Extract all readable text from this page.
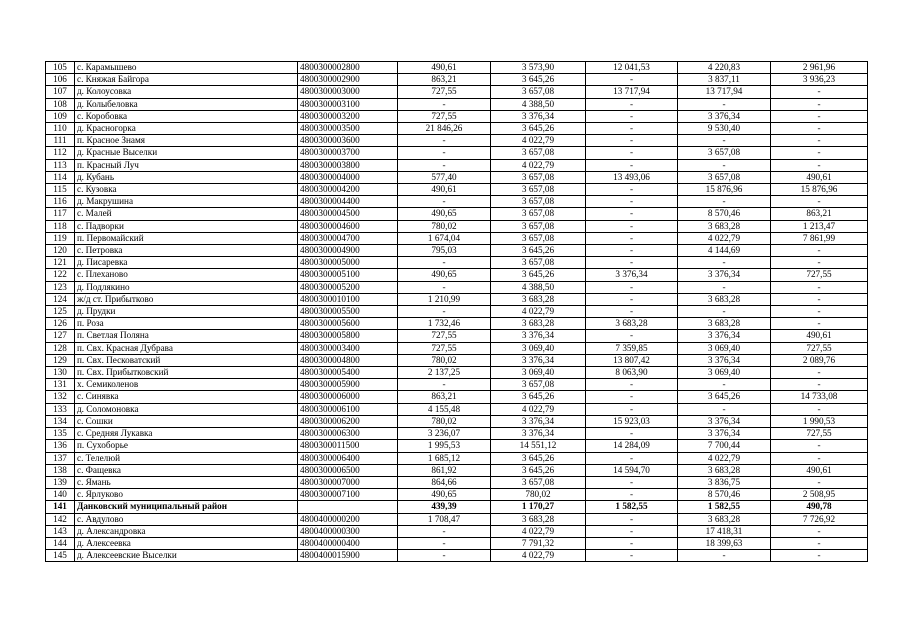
105	с. Карамышево	4800300002800	490,61	3 573,90	12 041,53	4 220,83	2 961,96
106	с. Княжая Байгора	4800300002900	863,21	3 645,26	-	3 837,11	3 936,23
107	д. Колоусовка	4800300003000	727,55	3 657,08	13 717,94	13 717,94	-
108	д. Колыбеловка	4800300003100	-	4 388,50	-	-	-
109	с. Коробовка	4800300003200	727,55	3 376,34	-	3 376,34	-
110	д. Красногорка	4800300003500	21 846,26	3 645,26	-	9 530,40	-
111	п. Красное Знамя	4800300003600	-	4 022,79	-	-	-
112	д. Красные Выселки	4800300003700	-	3 657,08	-	3 657,08	-
113	п. Красный Луч	4800300003800	-	4 022,79	-	-	-
114	д. Кубань	4800300004000	577,40	3 657,08	13 493,06	3 657,08	490,61
115	с. Кузовка	4800300004200	490,61	3 657,08	-	15 876,96	15 876,96
116	д. Макрушина	4800300004400	-	3 657,08	-	-	-
117	с. Малей	4800300004500	490,65	3 657,08	-	8 570,46	863,21
118	с. Падворки	4800300004600	780,02	3 657,08	-	3 683,28	1 213,47
119	п. Первомайский	4800300004700	1 674,04	3 657,08	-	4 022,79	7 861,99
120	с. Петровка	4800300004900	795,03	3 645,26	-	4 144,69	-
121	д. Писаревка	4800300005000	-	3 657,08	-	-	-
122	с. Плехановo	4800300005100	490,65	3 645,26	3 376,34	3 376,34	727,55
123	д. Подлякино	4800300005200	-	4 388,50	-	-	-
124	ж/д ст. Прибытково	4800300010100	1 210,99	3 683,28	-	3 683,28	-
125	д. Прудки	4800300005500	-	4 022,79	-	-	-
126	п. Роза	4800300005600	1 732,46	3 683,28	3 683,28	3 683,28	-
127	п. Светлая Поляна	4800300005800	727,55	3 376,34	-	3 376,34	490,61
128	п. Свх. Красная Дубрава	4800300003400	727,55	3 069,40	7 359,85	3 069,40	727,55
129	п. Свх. Песковатский	4800300004800	780,02	3 376,34	13 807,42	3 376,34	2 089,76
130	п. Свх. Прибытковский	4800300005400	2 137,25	3 069,40	8 063,90	3 069,40	-
131	х. Семиколенов	4800300005900	-	3 657,08	-	-	-
132	с. Синявка	4800300006000	863,21	3 645,26	-	3 645,26	14 733,08
133	д. Соломоновка	4800300006100	4 155,48	4 022,79	-	-	-
134	с. Сошки	4800300006200	780,02	3 376,34	15 923,03	3 376,34	1 990,53
135	с. Средняя Лукавка	4800300006300	3 236,07	3 376,34	-	3 376,34	727,55
136	п. Сухоборье	4800300011500	1 995,53	14 551,12	14 284,09	7 700,44	-
137	с. Телелюй	4800300006400	1 685,12	3 645,26	-	4 022,79	-
138	с. Фащевка	4800300006500	861,92	3 645,26	14 594,70	3 683,28	490,61
139	с. Ямань	4800300007000	864,66	3 657,08	-	3 836,75	-
140	с. Ярлуково	4800300007100	490,65	780,02	-	8 570,46	2 508,95
141	Данковский муниципальный район		439,39	1 170,27	1 582,55	1 582,55	490,78
142	с. Авдулово	4800400000200	1 708,47	3 683,28	-	3 683,28	7 726,92
143	д. Александровка	4800400000300	-	4 022,79	-	17 418,31	-
144	д. Алексеевка	4800400000400	-	7 791,32	-	18 399,63	-
145	д. Алексеевские Выселки	4800400015900	-	4 022,79	-	-	-
